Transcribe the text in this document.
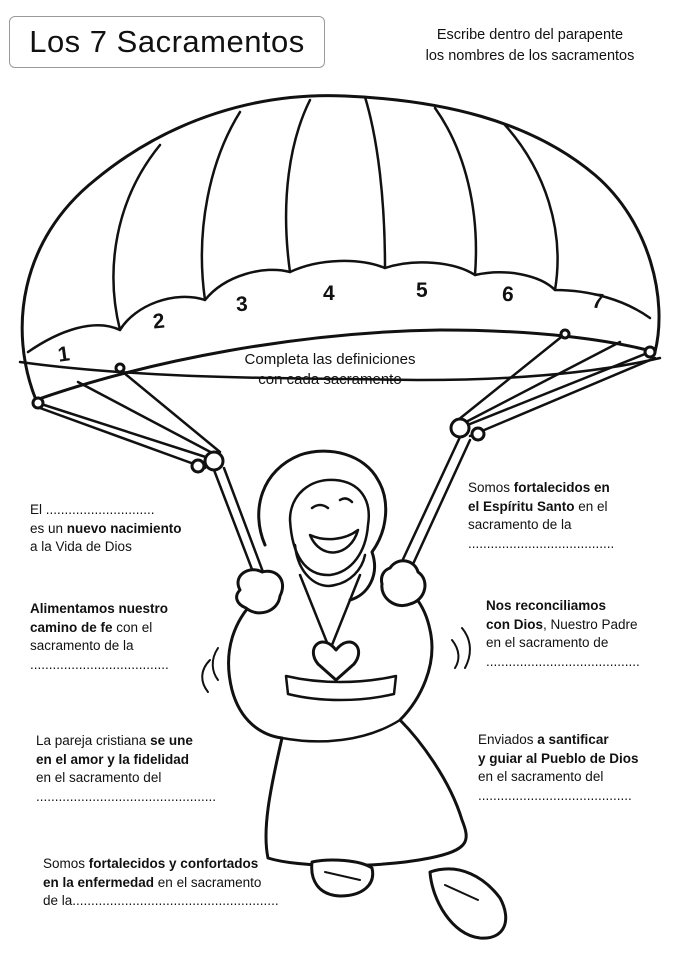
Los 7 Sacramentos	Escribe dentro del parapente
los nombres de los sacramentos
1
2
3	4	5	6	7
Completa las definiciones
con cada sacramento
El .............................
es un nuevo nacimiento
a la Vida de Dios
Alimentamos nuestro
camino de fe con el
sacramento de la
.....................................
La pareja cristiana se une
en el amor y la fidelidad
en el sacramento del
................................................
Somos fortalecidos y confortados
en la enfermedad en el sacramento
de la.......................................................
Somos fortalecidos en
el Espíritu Santo en el
sacramento de la
.......................................
Nos reconciliamos
con Dios, Nuestro Padre
en el sacramento de
.........................................
Enviados a santificar
y guiar al Pueblo de Dios
en el sacramento del
.........................................
